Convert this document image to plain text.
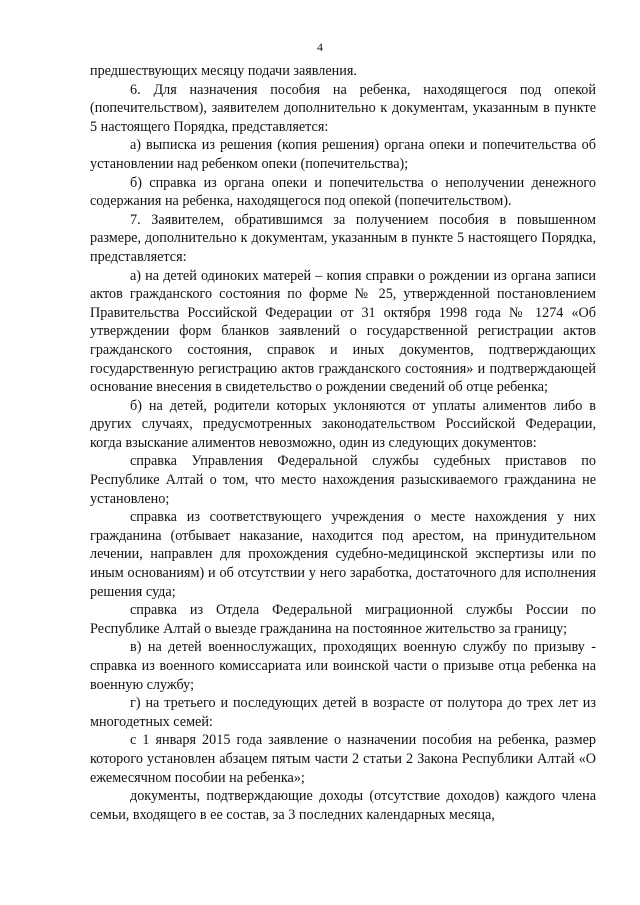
4

предшествующих месяцу подачи заявления.

6. Для назначения пособия на ребенка, находящегося под опекой (попечительством), заявителем дополнительно к документам, указанным в пункте 5 настоящего Порядка, представляется:

а) выписка из решения (копия решения) органа опеки и попечительства об установлении над ребенком опеки (попечительства);

б) справка из органа опеки и попечительства о неполучении денежного содержания на ребенка, находящегося под опекой (попечительством).

7. Заявителем, обратившимся за получением пособия в повышенном размере, дополнительно к документам, указанным в пункте 5 настоящего Порядка, представляется:

а) на детей одиноких матерей – копия справки о рождении из органа записи актов гражданского состояния по форме № 25, утвержденной постановлением Правительства Российской Федерации от 31 октября 1998 года № 1274 «Об утверждении форм бланков заявлений о государственной регистрации актов гражданского состояния, справок и иных документов, подтверждающих государственную регистрацию актов гражданского состояния» и подтверждающей основание внесения в свидетельство о рождении сведений об отце ребенка;

б) на детей, родители которых уклоняются от уплаты алиментов либо в других случаях, предусмотренных законодательством Российской Федерации, когда взыскание алиментов невозможно, один из следующих документов:

справка Управления Федеральной службы судебных приставов по Республике Алтай о том, что место нахождения разыскиваемого гражданина не установлено;

справка из соответствующего учреждения о месте нахождения у них гражданина (отбывает наказание, находится под арестом, на принудительном лечении, направлен для прохождения судебно-медицинской экспертизы или по иным основаниям) и об отсутствии у него заработка, достаточного для исполнения решения суда;

справка из Отдела Федеральной миграционной службы России по Республике Алтай о выезде гражданина на постоянное жительство за границу;

в) на детей военнослужащих, проходящих военную службу по призыву - справка из военного комиссариата или воинской части о призыве отца ребенка на военную службу;

г) на третьего и последующих детей в возрасте от полутора до трех лет из многодетных семей:

с 1 января 2015 года заявление о назначении пособия на ребенка, размер которого установлен абзацем пятым части 2 статьи 2 Закона Республики Алтай «О ежемесячном пособии на ребенка»;

документы, подтверждающие доходы (отсутствие доходов) каждого члена семьи, входящего в ее состав, за 3 последних календарных месяца,
